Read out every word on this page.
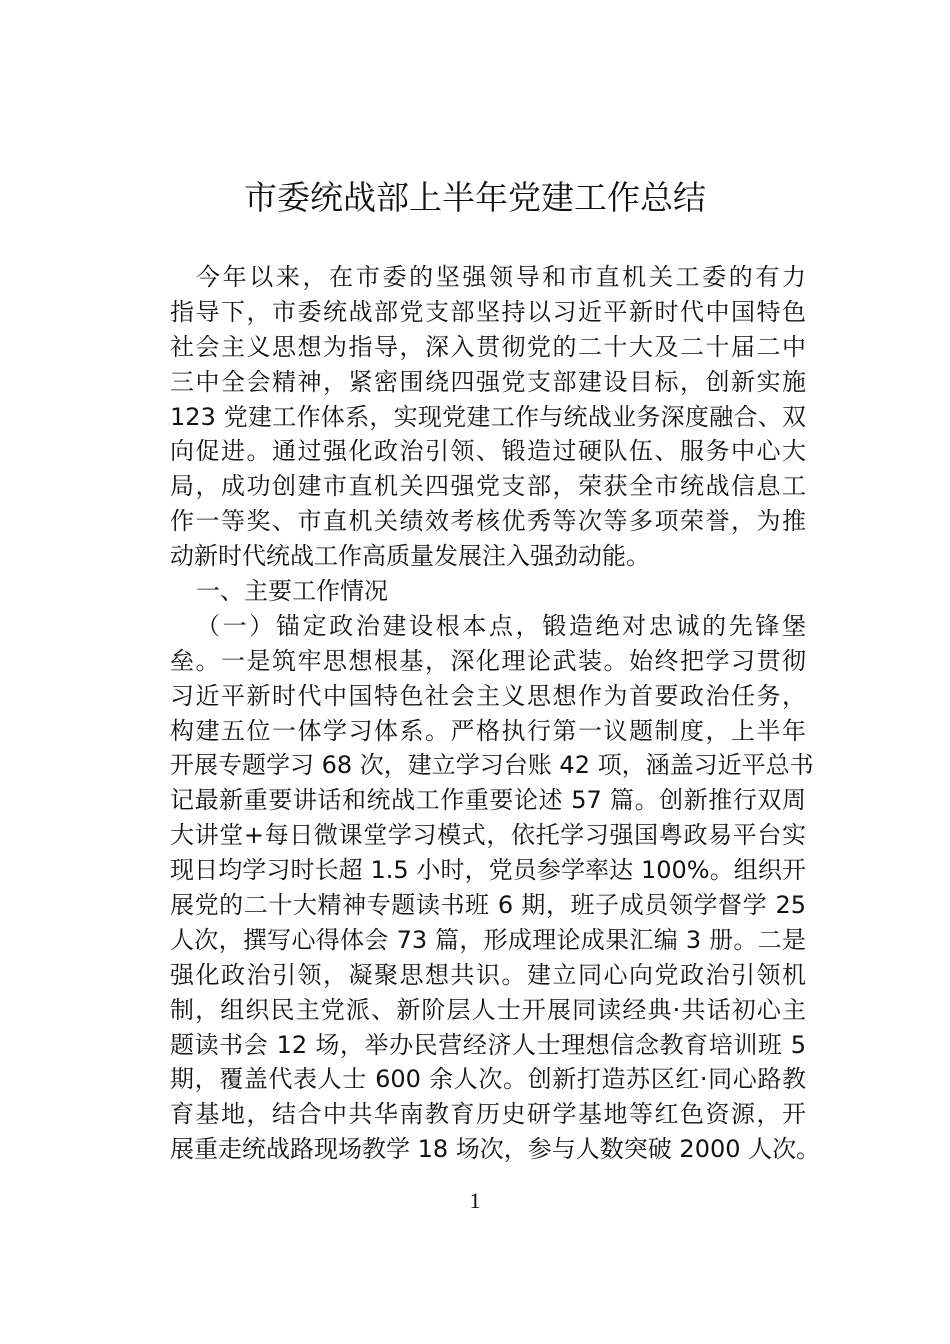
市委统战部上半年党建工作总结
今年以来，在市委的坚强领导和市直机关工委的有力
指导下，市委统战部党支部坚持以习近平新时代中国特色
社会主义思想为指导，深入贯彻党的二十大及二十届二中
三中全会精神，紧密围绕四强党支部建设目标，创新实施
123 党建工作体系，实现党建工作与统战业务深度融合、双
向促进。通过强化政治引领、锻造过硬队伍、服务中心大
局，成功创建市直机关四强党支部，荣获全市统战信息工
作一等奖、市直机关绩效考核优秀等次等多项荣誉，为推
动新时代统战工作高质量发展注入强劲动能。
一、主要工作情况
（一）锚定政治建设根本点，锻造绝对忠诚的先锋堡
垒。一是筑牢思想根基，深化理论武装。始终把学习贯彻
习近平新时代中国特色社会主义思想作为首要政治任务，
构建五位一体学习体系。严格执行第一议题制度，上半年
开展专题学习 68 次，建立学习台账 42 项，涵盖习近平总书
记最新重要讲话和统战工作重要论述 57 篇。创新推行双周
大讲堂+每日微课堂学习模式，依托学习强国粤政易平台实
现日均学习时长超 1.5 小时，党员参学率达 100%。组织开
展党的二十大精神专题读书班 6 期，班子成员领学督学 25
人次，撰写心得体会 73 篇，形成理论成果汇编 3 册。二是
强化政治引领，凝聚思想共识。建立同心向党政治引领机
制，组织民主党派、新阶层人士开展同读经典·共话初心主
题读书会 12 场，举办民营经济人士理想信念教育培训班 5
期，覆盖代表人士 600 余人次。创新打造苏区红·同心路教
育基地，结合中共华南教育历史研学基地等红色资源，开
展重走统战路现场教学 18 场次，参与人数突破 2000 人次。
1
